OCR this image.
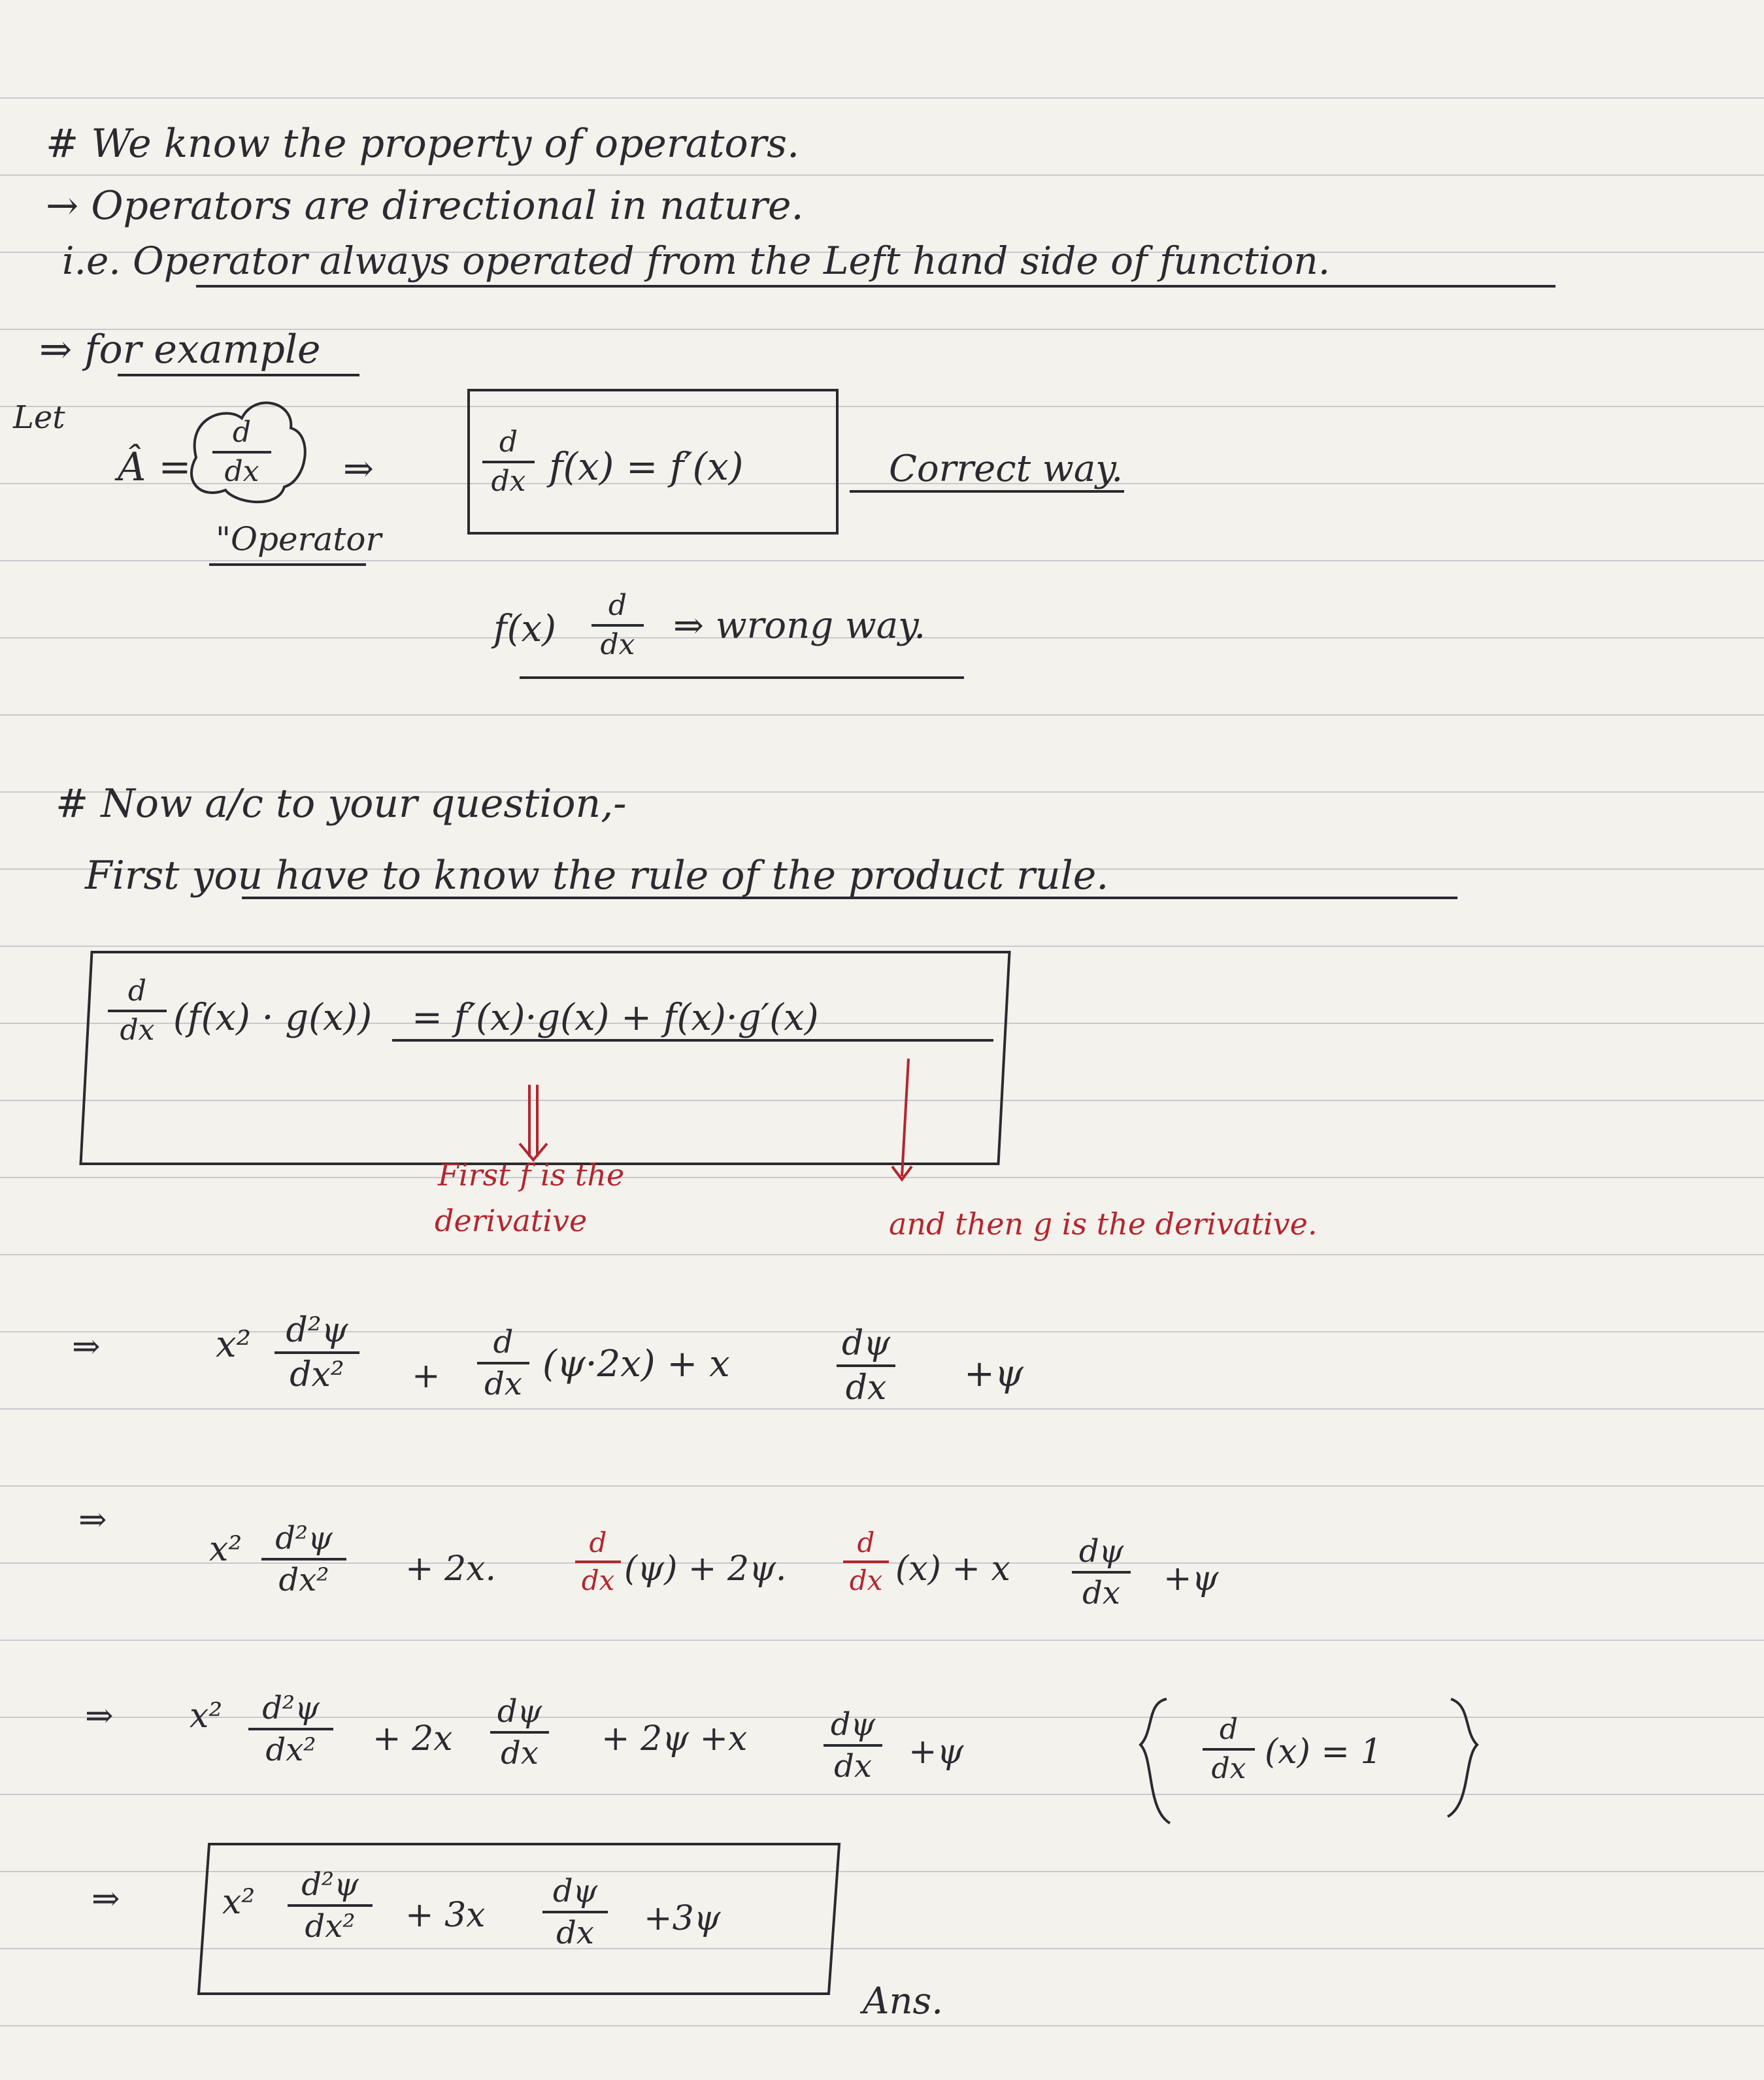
# We know the property of operators.
→ Operators are directional in nature.
i.e. Operator always operated from the Left hand side of function.
⇒ for example
Let
Â =
d
dx	⇒
"Operator
d
dx f(x) = f′(x)	Correct way.
f(x)
d
dx ⇒ wrong way.
# Now a/c to your question,-
First you have to know the rule of the product rule.
d
dx (f(x) · g(x)) = f′(x)·g(x) + f(x)·g′(x)
First f is the
derivative	and then g is the derivative.
⇒	x²	d²ψ
dx²	+
d
dx (ψ·2x) + x	dψ
dx +ψ
⇒
x²	d²ψ
dx²	+ 2x.
d
dx (ψ) + 2ψ.
d
dx (x) + x dψ
dx	+ψ
⇒ x²	d²ψ
dx²	+ 2x
dψ
dx	+ 2ψ +x	dψ
dx	+ψ
d
dx (x) = 1
⇒	x²	d²ψ
dx²	+ 3x
dψ
dx	+3ψ
Ans.
